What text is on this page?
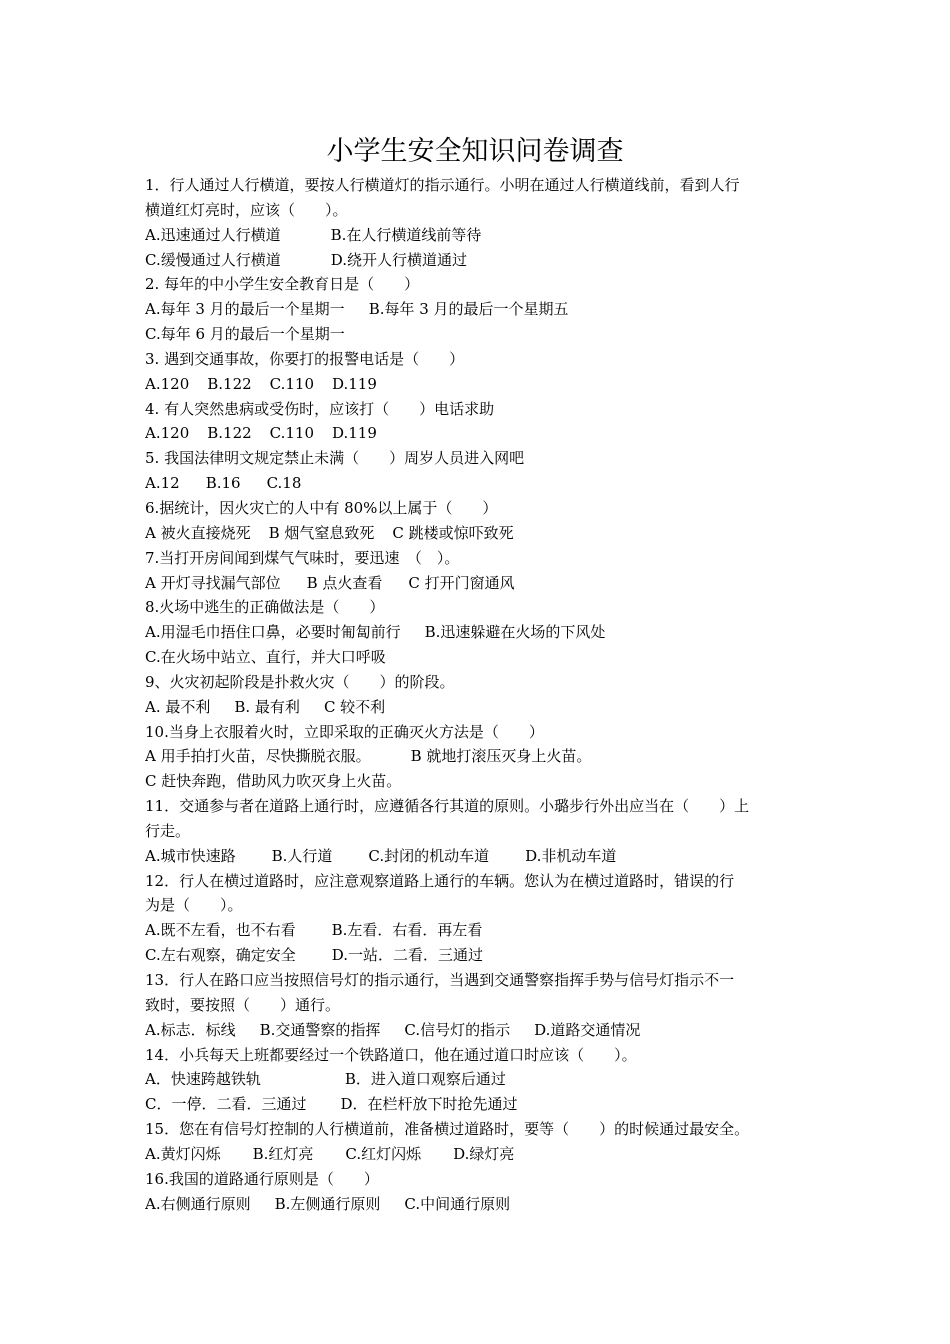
小学生安全知识问卷调查
1．行人通过人行横道，要按人行横道灯的指示通行。小明在通过人行横道线前，看到人行
横道红灯亮时，应该（　　）。
A.迅速通过人行横道	B.在人行横道线前等待
C.缓慢通过人行横道	D.绕开人行横道通过
2. 每年的中小学生安全教育日是（　　）
A.每年 3 月的最后一个星期一 B.每年 3 月的最后一个星期五
C.每年 6 月的最后一个星期一
3. 遇到交通事故，你要打的报警电话是（　　）
A.120 B.122 C.110 D.119
4. 有人突然患病或受伤时，应该打（　　）电话求助
A.120 B.122 C.110 D.119
5. 我国法律明文规定禁止未满（　　）周岁人员进入网吧
A.12 B.16 C.18
6.据统计，因火灾亡的人中有 80%以上属于（　　）
A 被火直接烧死 B 烟气窒息致死 C 跳楼或惊吓致死
7.当打开房间闻到煤气气味时，要迅速　（　）。
A 开灯寻找漏气部位 B 点火查看 C 打开门窗通风
8.火场中逃生的正确做法是（　　）
A.用湿毛巾捂住口鼻，必要时匍匐前行 B.迅速躲避在火场的下风处
C.在火场中站立、直行，并大口呼吸
9、火灾初起阶段是扑救火灾（　　）的阶段。
A. 最不利 B. 最有利 C 较不利
10.当身上衣服着火时，立即采取的正确灭火方法是（　　）
A 用手拍打火苗，尽快撕脱衣服。	B 就地打滚压灭身上火苗。
C 赶快奔跑，借助风力吹灭身上火苗。
11．交通参与者在道路上通行时，应遵循各行其道的原则。小璐步行外出应当在（　　）上
行走。
A.城市快速路 B.人行道 C.封闭的机动车道 D.非机动车道
12．行人在横过道路时，应注意观察道路上通行的车辆。您认为在横过道路时，错误的行
为是（　　）。
A.既不左看，也不右看 B.左看．右看．再左看
C.左右观察，确定安全 D.一站．二看．三通过
13．行人在路口应当按照信号灯的指示通行，当遇到交通警察指挥手势与信号灯指示不一
致时，要按照（　　）通行。
A.标志．标线 B.交通警察的指挥 C.信号灯的指示 D.道路交通情况
14．小兵每天上班都要经过一个铁路道口，他在通过道口时应该（　　）。
A．快速跨越铁轨	B．进入道口观察后通过
C．一停．二看．三通过 D．在栏杆放下时抢先通过
15．您在有信号灯控制的人行横道前，准备横过道路时，要等（　　）的时候通过最安全。
A.黄灯闪烁 B.红灯亮 C.红灯闪烁 D.绿灯亮
16.我国的道路通行原则是（　　）
A.右侧通行原则 B.左侧通行原则 C.中间通行原则
